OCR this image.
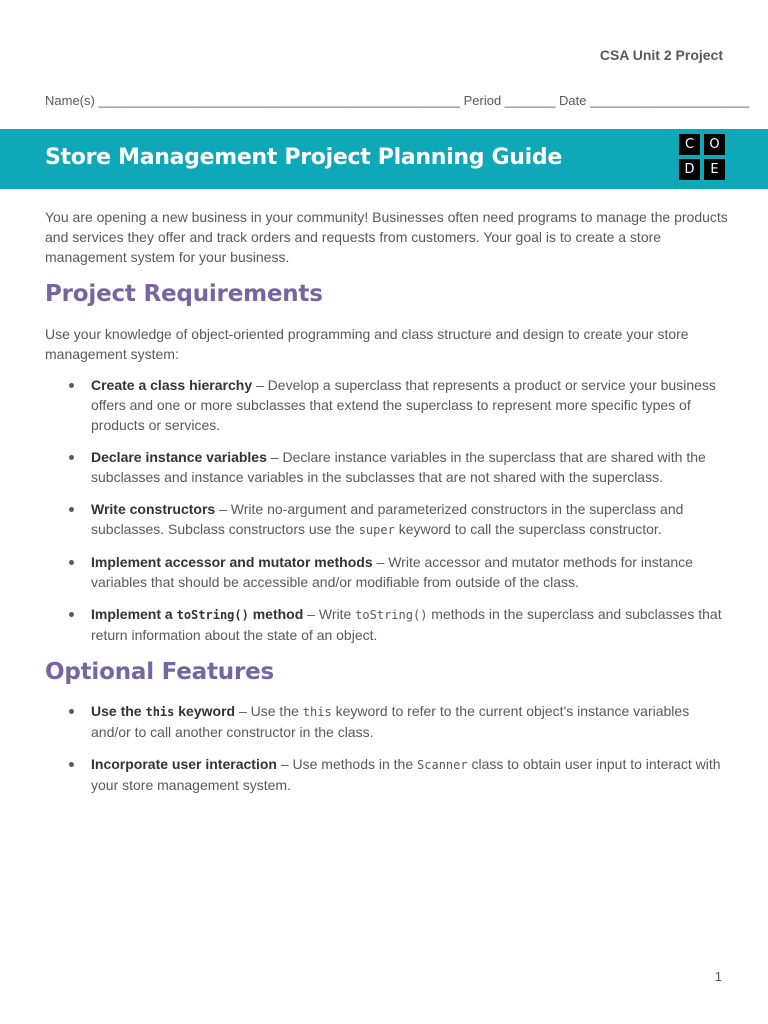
CSA Unit 2 Project
Name(s) __________________________________________________ Period _______ Date ______________________
Store Management Project Planning Guide
C	O
D	E

You are opening a new business in your community! Businesses often need programs to manage the products and services they offer and track orders and requests from customers. Your goal is to create a store management system for your business.

Project Requirements

Use your knowledge of object-oriented programming and class structure and design to create your store management system:

Create a class hierarchy – Develop a superclass that represents a product or service your business offers and one or more subclasses that extend the superclass to represent more specific types of products or services.
Declare instance variables – Declare instance variables in the superclass that are shared with the subclasses and instance variables in the subclasses that are not shared with the superclass.
Write constructors – Write no-argument and parameterized constructors in the superclass and subclasses. Subclass constructors use the super keyword to call the superclass constructor.
Implement accessor and mutator methods – Write accessor and mutator methods for instance variables that should be accessible and/or modifiable from outside of the class.
Implement a toString() method – Write toString() methods in the superclass and subclasses that return information about the state of an object.
Optional Features
Use the this keyword – Use the this keyword to refer to the current object's instance variables and/or to call another constructor in the class.
Incorporate user interaction – Use methods in the Scanner class to obtain user input to interact with your store management system.
1
